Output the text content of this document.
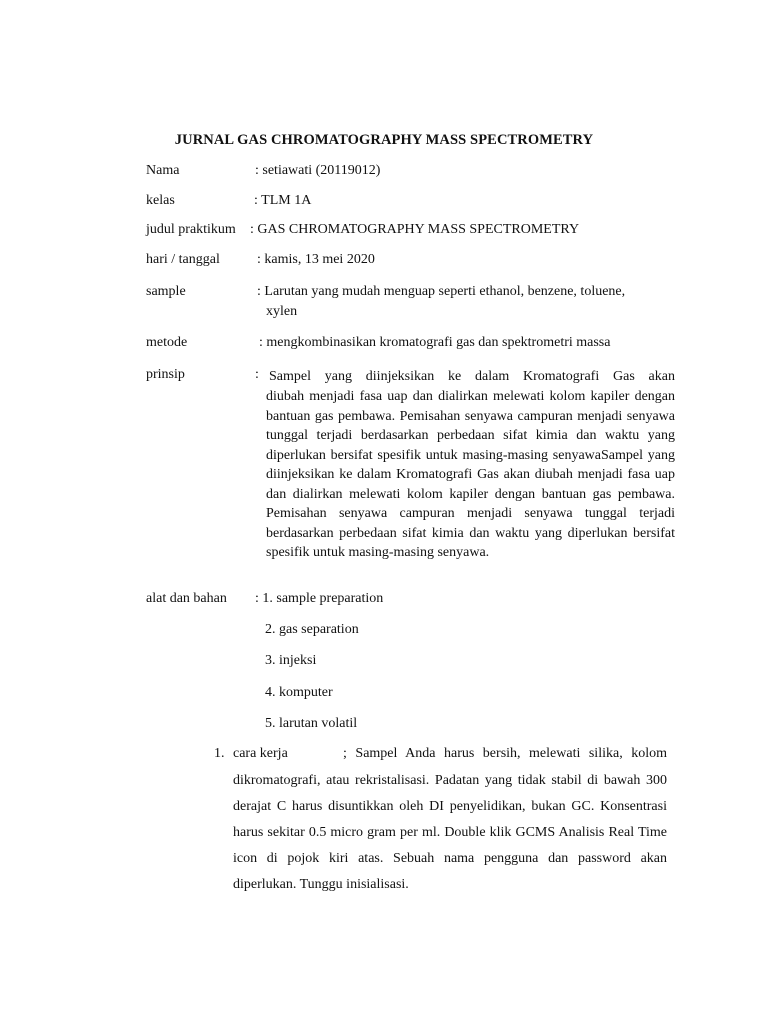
JURNAL GAS CHROMATOGRAPHY MASS SPECTROMETRY
Nama	: setiawati (20119012)
kelas	: TLM 1A
judul praktikum : GAS CHROMATOGRAPHY MASS SPECTROMETRY
hari / tanggal	: kamis, 13 mei 2020
sample	: Larutan yang mudah menguap seperti ethanol, benzene, toluene,
xylen
metode	: mengkombinasikan kromatografi gas dan spektrometri massa
prinsip	: Sampel yang diinjeksikan ke dalam Kromatografi Gas akan
diubah menjadi fasa uap dan dialirkan melewati kolom kapiler dengan bantuan gas pembawa. Pemisahan senyawa campuran menjadi senyawa tunggal terjadi berdasarkan perbedaan sifat kimia dan waktu yang diperlukan bersifat spesifik untuk masing-masing senyawaSampel yang diinjeksikan ke dalam Kromatografi Gas akan diubah menjadi fasa uap dan dialirkan melewati kolom kapiler dengan bantuan gas pembawa. Pemisahan senyawa campuran menjadi senyawa tunggal terjadi berdasarkan perbedaan sifat kimia dan waktu yang diperlukan bersifat spesifik untuk masing-masing senyawa.
alat dan bahan : 1. sample preparation
2. gas separation
3. injeksi
4. komputer
5. larutan volatil
1. cara kerja	; Sampel Anda harus bersih, melewati silika, kolom
dikromatografi, atau rekristalisasi. Padatan yang tidak stabil di bawah 300 derajat C harus disuntikkan oleh DI penyelidikan, bukan GC. Konsentrasi harus sekitar 0.5 micro gram per ml. Double klik GCMS Analisis Real Time icon di pojok kiri atas. Sebuah nama pengguna dan password akan diperlukan. Tunggu inisialisasi.
